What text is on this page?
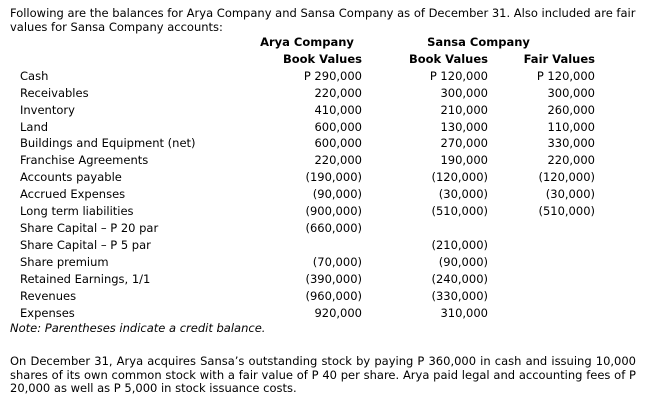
Following are the balances for Arya Company and Sansa Company as of December 31. Also included are fair values for Sansa Company accounts:

	Arya Company	Sansa Company	
	Book Values	Book Values	Fair Values
Cash	P 290,000	P 120,000	P 120,000
Receivables	220,000	300,000	300,000
Inventory	410,000	210,000	260,000
Land	600,000	130,000	110,000
Buildings and Equipment (net)	600,000	270,000	330,000
Franchise Agreements	220,000	190,000	220,000
Accounts payable	(190,000)	(120,000)	(120,000)
Accrued Expenses	(90,000)	(30,000)	(30,000)
Long term liabilities	(900,000)	(510,000)	(510,000)
Share Capital – P 20 par	(660,000)		
Share Capital – P 5 par		(210,000)	
Share premium	(70,000)	(90,000)	
Retained Earnings, 1/1	(390,000)	(240,000)	
Revenues	(960,000)	(330,000)	
Expenses	920,000	310,000	

Note: Parentheses indicate a credit balance.

On December 31, Arya acquires Sansa’s outstanding stock by paying P 360,000 in cash and issuing 10,000 shares of its own common stock with a fair value of P 40 per share. Arya paid legal and accounting fees of P 20,000 as well as P 5,000 in stock issuance costs.
